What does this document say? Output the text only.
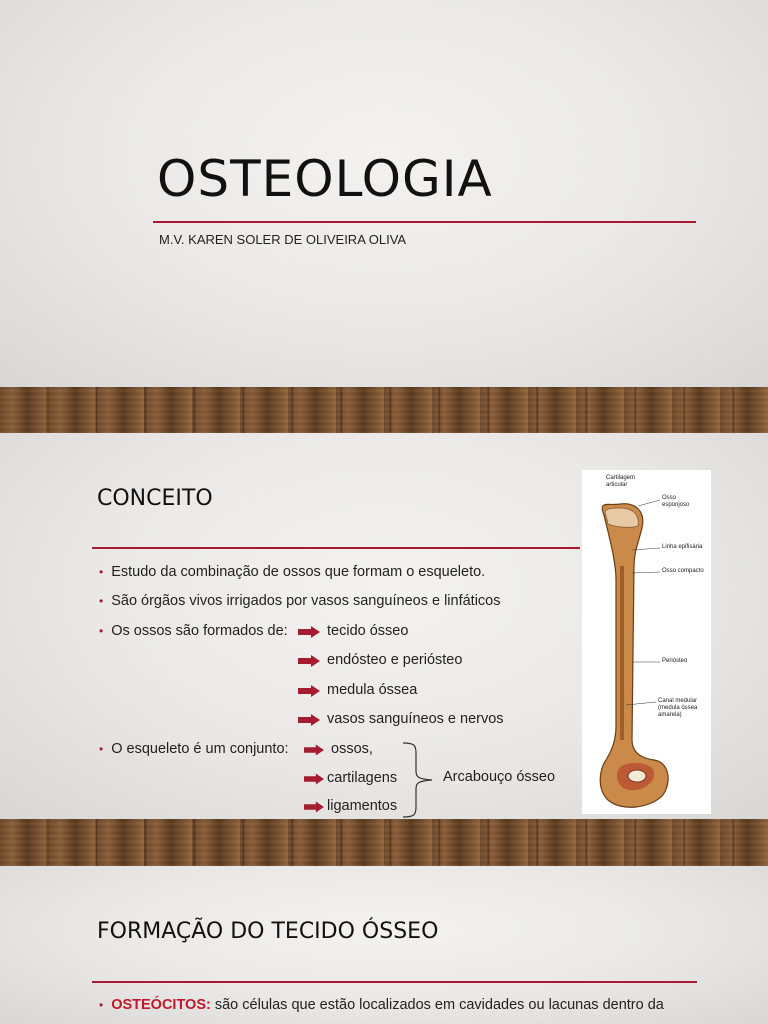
OSTEOLOGIA
M.V. KAREN SOLER DE OLIVEIRA OLIVA
CONCEITO
• Estudo da combinação de ossos que formam o esqueleto.
• São órgãos vivos irrigados por vasos sanguíneos e linfáticos
• Os ossos são formados de:	tecido ósseo
endósteo e periósteo
medula óssea
vasos sanguíneos e nervos
• O esqueleto é um conjunto:	ossos,
cartilagens
ligamentos
Arcabouço ósseo
Cartilagem articular
Osso esponjoso
Linha epifisária
Osso compacto
Periósteo
Canal medular (medula óssea amarela)
FORMAÇÃO DO TECIDO ÓSSEO
• OSTEÓCITOS: são células que estão localizados em cavidades ou lacunas dentro da
